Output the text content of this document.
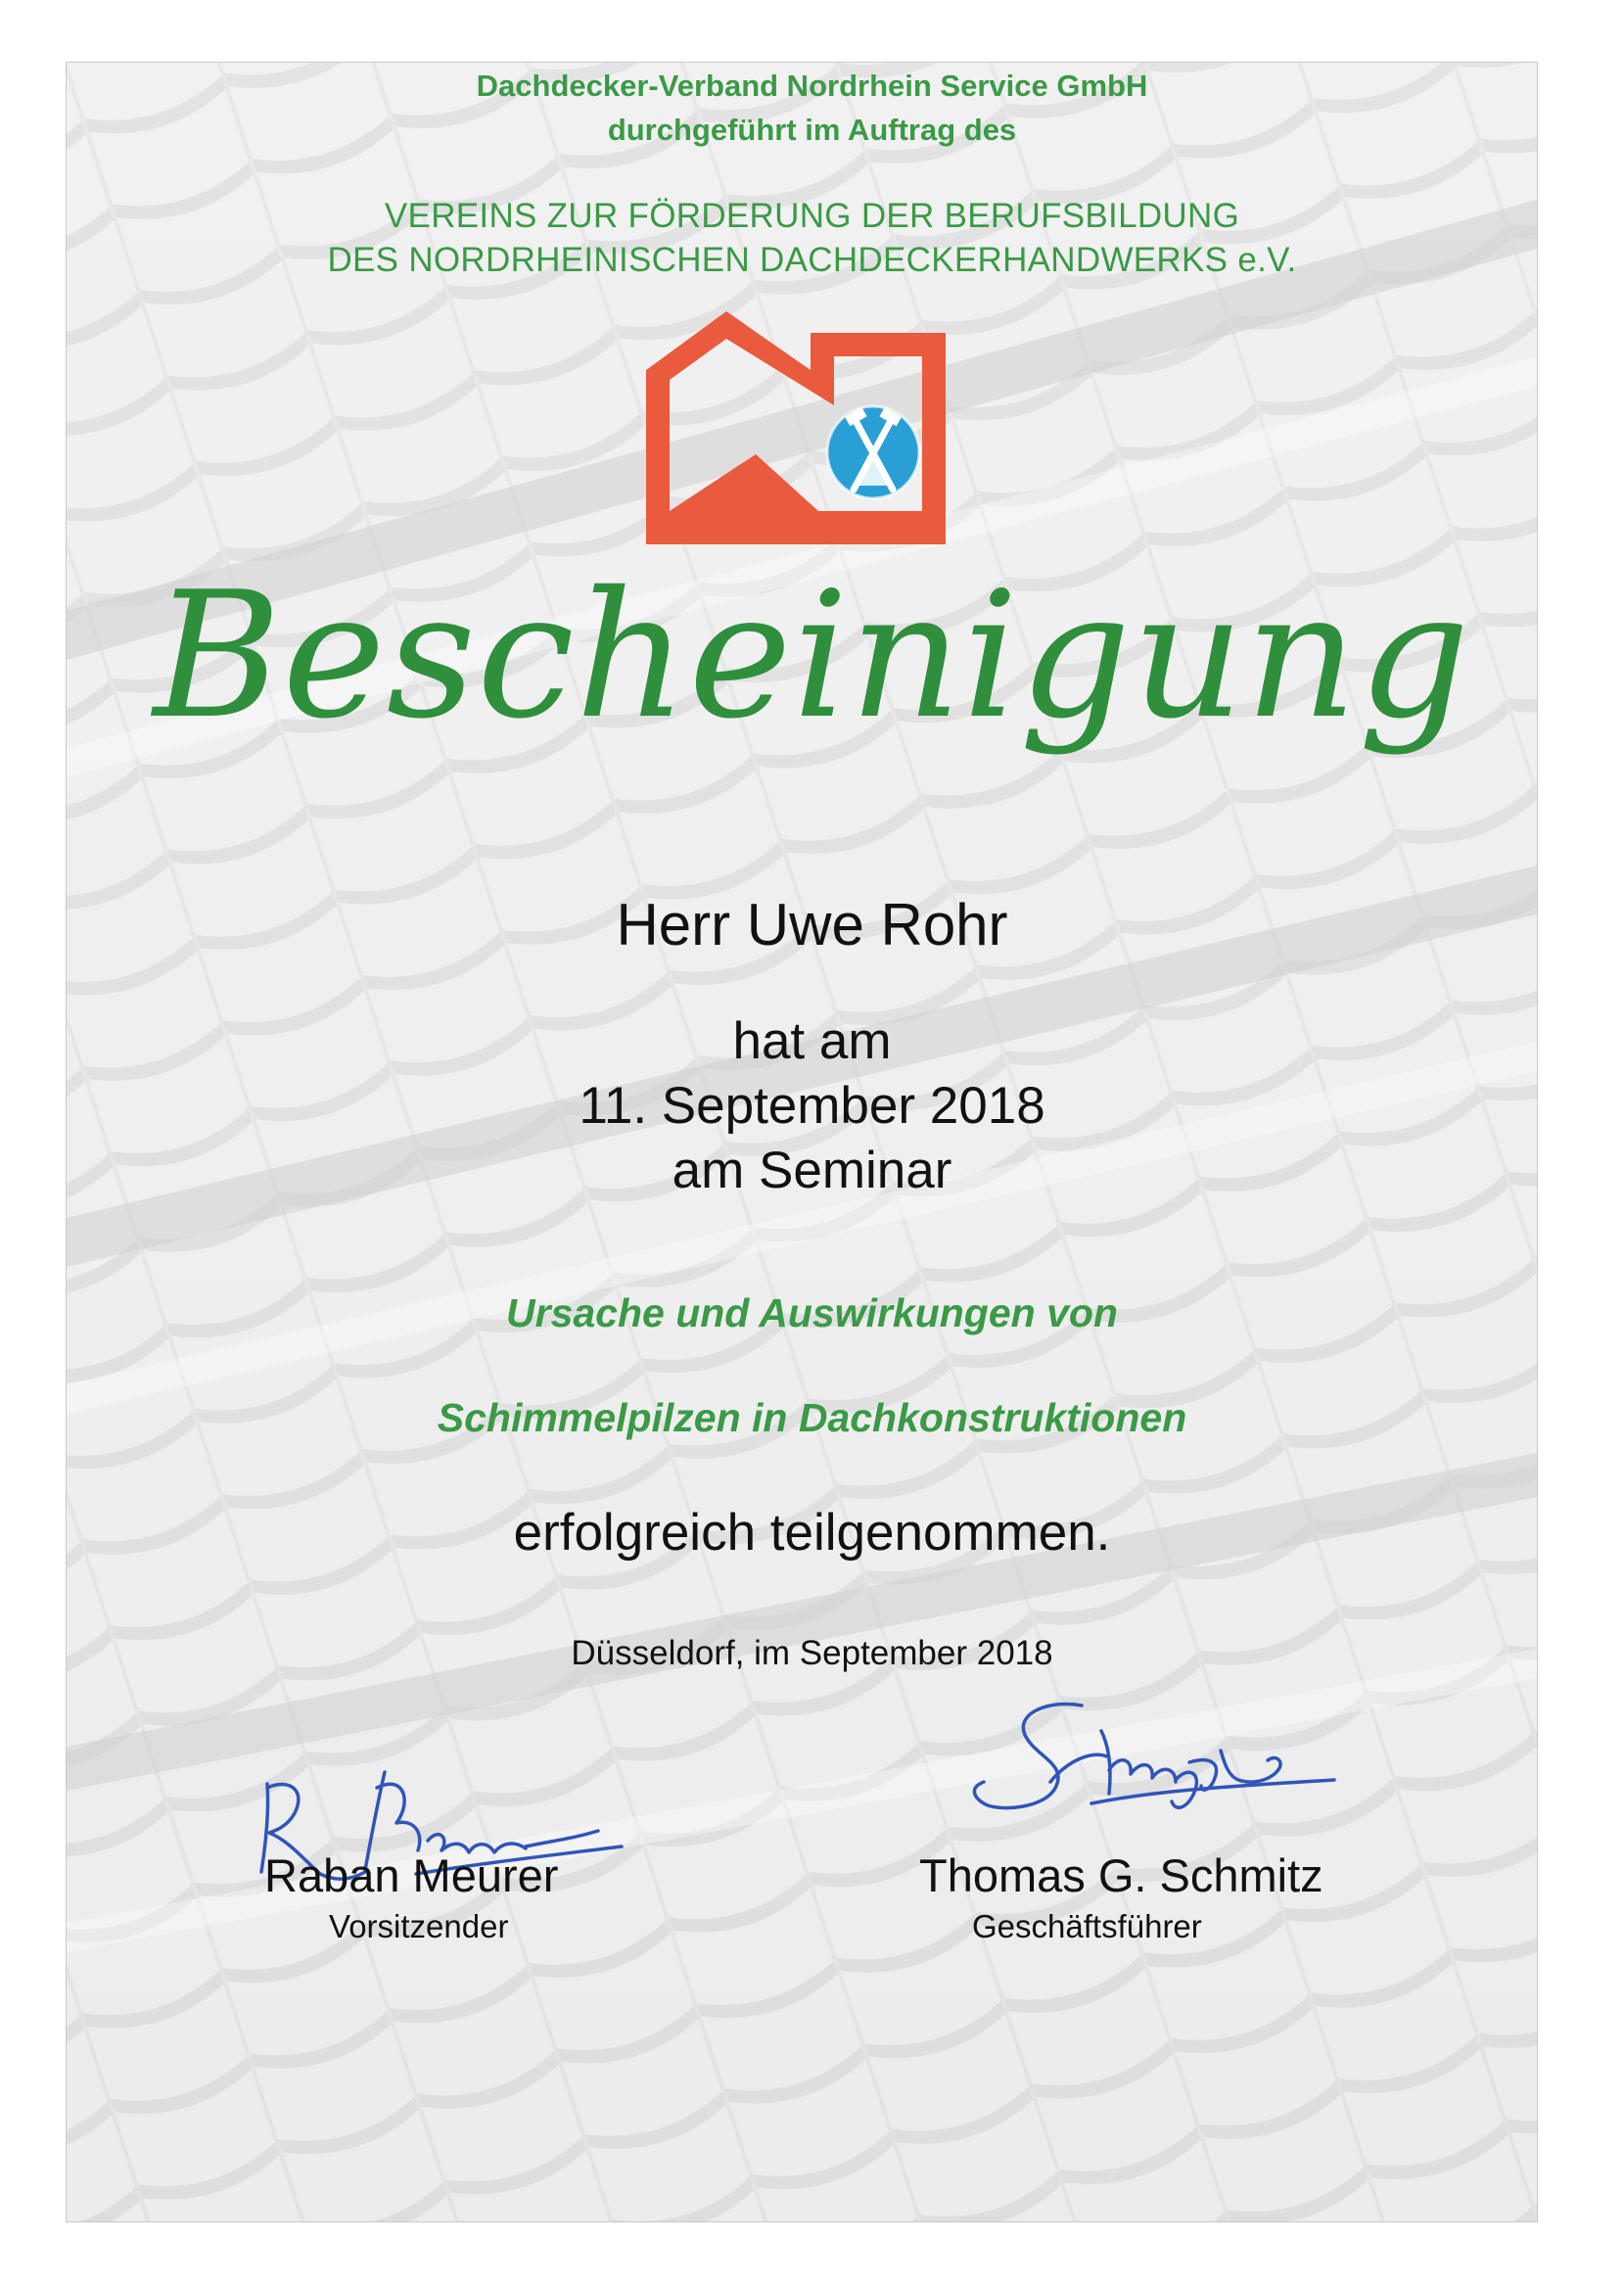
Dachdecker-Verband Nordrhein Service GmbH
durchgeführt im Auftrag des
VEREINS ZUR FÖRDERUNG DER BERUFSBILDUNG
DES NORDRHEINISCHEN DACHDECKERHANDWERKS e.V.
Bescheinigung
Herr Uwe Rohr
hat am
11. September 2018
am Seminar
Ursache und Auswirkungen von
Schimmelpilzen in Dachkonstruktionen
erfolgreich teilgenommen.
Düsseldorf, im September 2018
Raban Meurer
Vorsitzender
Thomas G. Schmitz
Geschäftsführer
